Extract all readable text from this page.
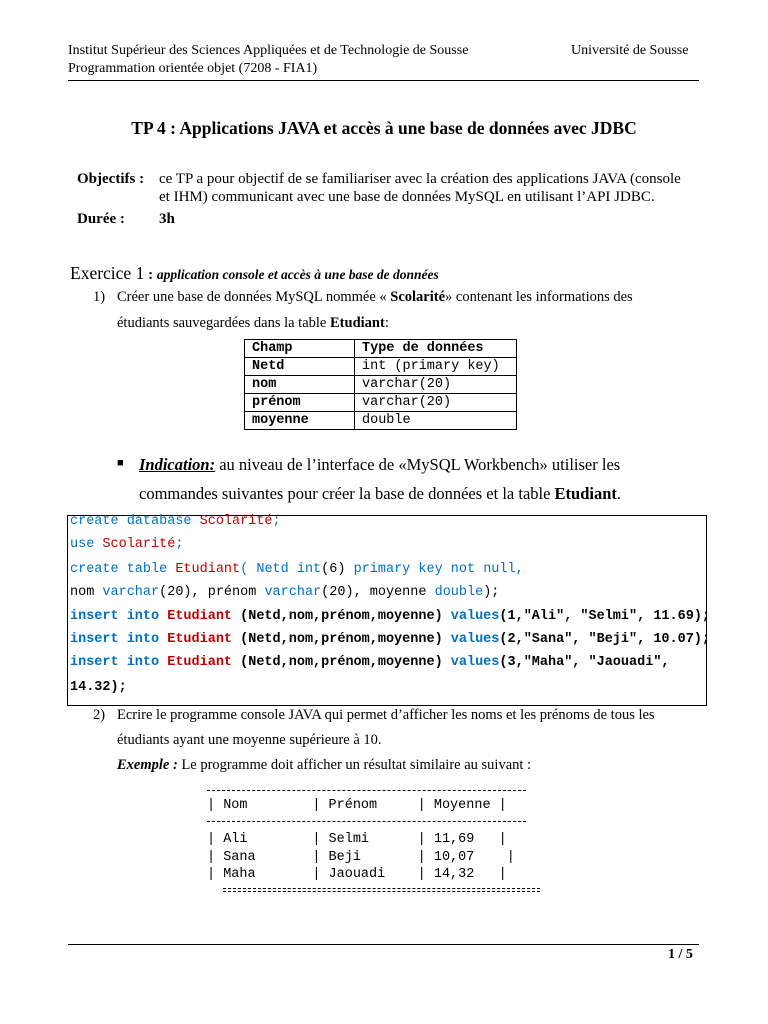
Institut Supérieur des Sciences Appliquées et de Technologie de Sousse	Université de Sousse
Programmation orientée objet (7208 - FIA1)
TP 4 : Applications JAVA et accès à une base de données avec JDBC
Objectifs : ce TP a pour objectif de se familiariser avec la création des applications JAVA (console
et IHM) communicant avec une base de données MySQL en utilisant l’API JDBC.
Durée : 3h
Exercice 1 : application console et accès à une base de données
1) Créer une base de données MySQL nommée « Scolarité» contenant les informations des
étudiants sauvegardées dans la table Etudiant:
Champ	Type de données
Netd	int (primary key)
nom	varchar(20)
prénom	varchar(20)
moyenne	double
■ Indication: au niveau de l’interface de «MySQL Workbench» utiliser les
commandes suivantes pour créer la base de données et la table Etudiant.
create database Scolarité;
use Scolarité;
create table Etudiant( Netd int(6) primary key not null,
nom varchar(20), prénom varchar(20), moyenne double);
insert into Etudiant (Netd,nom,prénom,moyenne) values(1,"Ali", "Selmi", 11.69);
insert into Etudiant (Netd,nom,prénom,moyenne) values(2,"Sana", "Beji", 10.07);
insert into Etudiant (Netd,nom,prénom,moyenne) values(3,"Maha", "Jaouadi",
14.32);
2) Ecrire le programme console JAVA qui permet d’afficher les noms et les prénoms de tous les
étudiants ayant une moyenne supérieure à 10.
Exemple : Le programme doit afficher un résultat similaire au suivant :
| Nom        | Prénom     | Moyenne |
| Ali        | Selmi      | 11,69   |
| Sana       | Beji       | 10,07    |
| Maha       | Jaouadi    | 14,32   |
1 / 5
